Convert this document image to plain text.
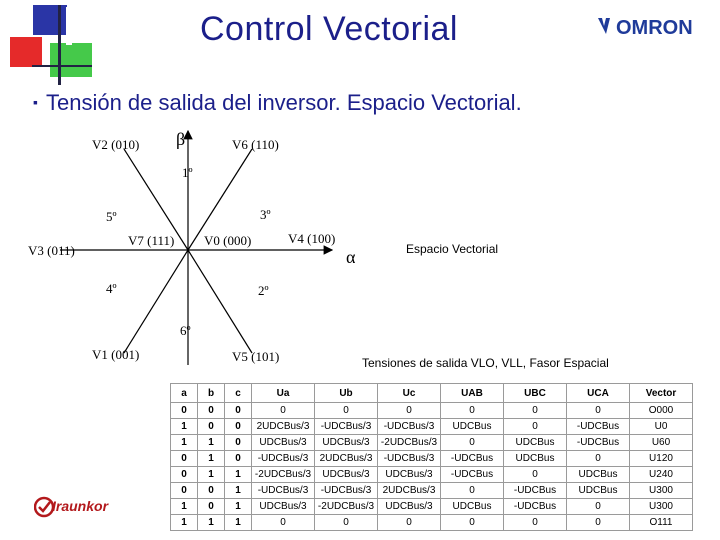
Control Vectorial	OMRON
▪ Tensión de salida del inversor. Espacio Vectorial.
β
α
V2 (010)	V6 (110)
V3 (011)
V4 (100)
V7 (111) V0 (000)
V1 (001)	V5 (101)
1º
2º
3º
4º
5º
6º
Espacio Vectorial
Tensiones de salida VLO, VLL, Fasor Espacial
a	b	c	Ua	Ub	Uc	UAB	UBC	UCA	Vector
0	0	0	0	0	0	0	0	0	O000
1	0	0	2UDCBus/3	-UDCBus/3	-UDCBus/3	UDCBus	0	-UDCBus	U0
1	1	0	UDCBus/3	UDCBus/3	-2UDCBus/3	0	UDCBus	-UDCBus	U60
0	1	0	-UDCBus/3	2UDCBus/3	-UDCBus/3	-UDCBus	UDCBus	0	U120
0	1	1	-2UDCBus/3	UDCBus/3	UDCBus/3	-UDCBus	0	UDCBus	U240
0	0	1	-UDCBus/3	-UDCBus/3	2UDCBus/3	0	-UDCBus	UDCBus	U300
1	0	1	UDCBus/3	-2UDCBus/3	UDCBus/3	UDCBus	-UDCBus	0	U300
1	1	1	0	0	0	0	0	0	O111
Iraunkor
